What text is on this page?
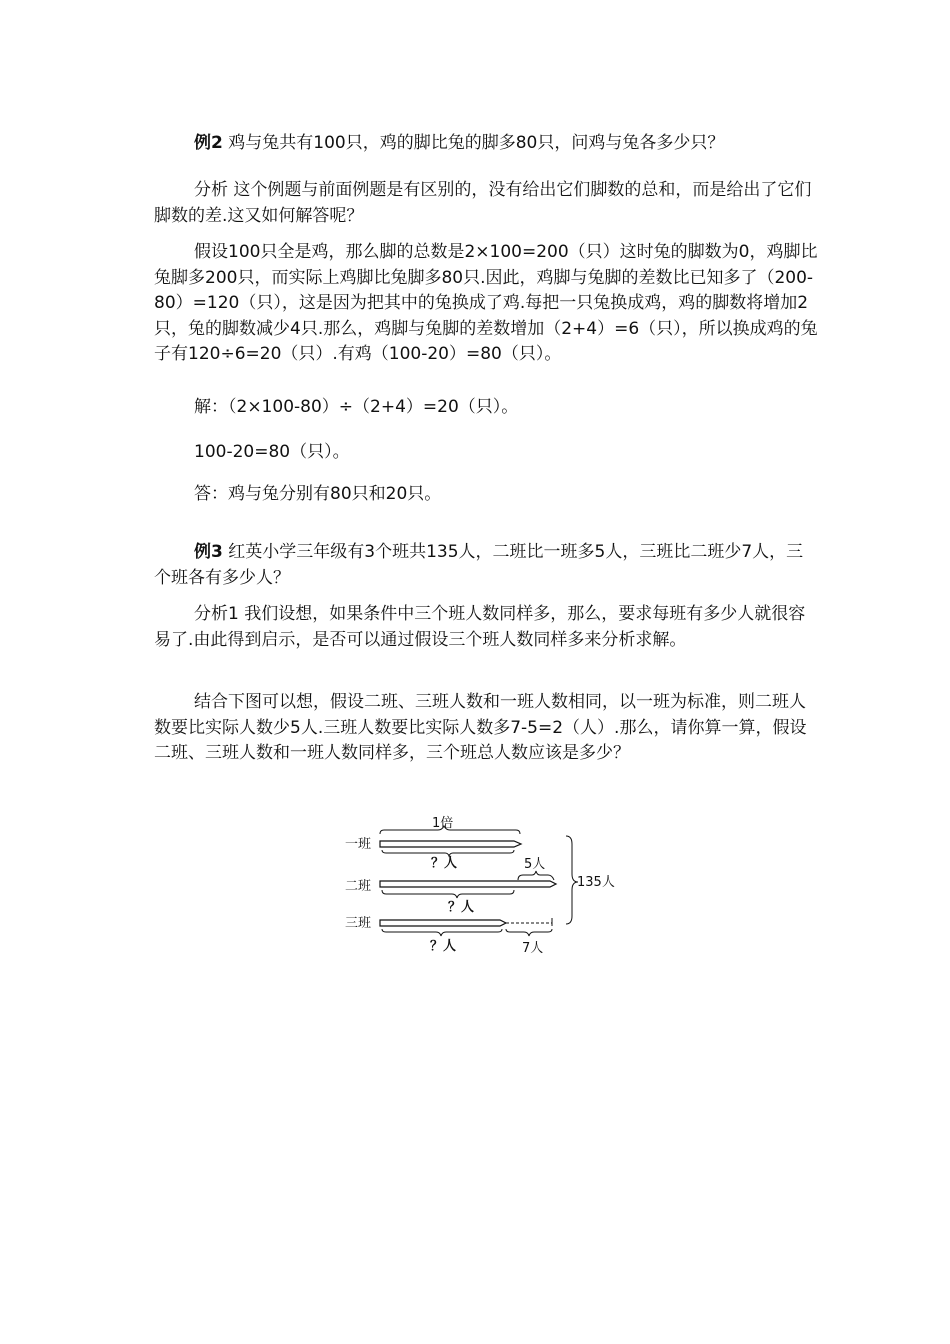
例2 鸡与兔共有100只，鸡的脚比兔的脚多80只，问鸡与兔各多少只？

分析 这个例题与前面例题是有区别的，没有给出它们脚数的总和，而是给出了它们脚数的差.这又如何解答呢？

假设100只全是鸡，那么脚的总数是2×100=200（只）这时兔的脚数为0，鸡脚比兔脚多200只，而实际上鸡脚比兔脚多80只.因此，鸡脚与兔脚的差数比已知多了（200-80）=120（只），这是因为把其中的兔换成了鸡.每把一只兔换成鸡，鸡的脚数将增加2只，兔的脚数减少4只.那么，鸡脚与兔脚的差数增加（2+4）=6（只），所以换成鸡的兔子有120÷6=20（只）.有鸡（100-20）=80（只）。

解：（2×100-80）÷（2+4）=20（只）。

100-20=80（只）。

答：鸡与兔分别有80只和20只。

例3 红英小学三年级有3个班共135人，二班比一班多5人，三班比二班少7人，三个班各有多少人？

分析1 我们设想，如果条件中三个班人数同样多，那么，要求每班有多少人就很容易了.由此得到启示，是否可以通过假设三个班人数同样多来分析求解。

结合下图可以想，假设二班、三班人数和一班人数相同，以一班为标准，则二班人数要比实际人数少5人.三班人数要比实际人数多7-5=2（人）.那么，请你算一算，假设二班、三班人数和一班人数同样多，三个班总人数应该是多少？

1倍
一班
？人	5人
二班
？人
三班
？人	7人
135人
